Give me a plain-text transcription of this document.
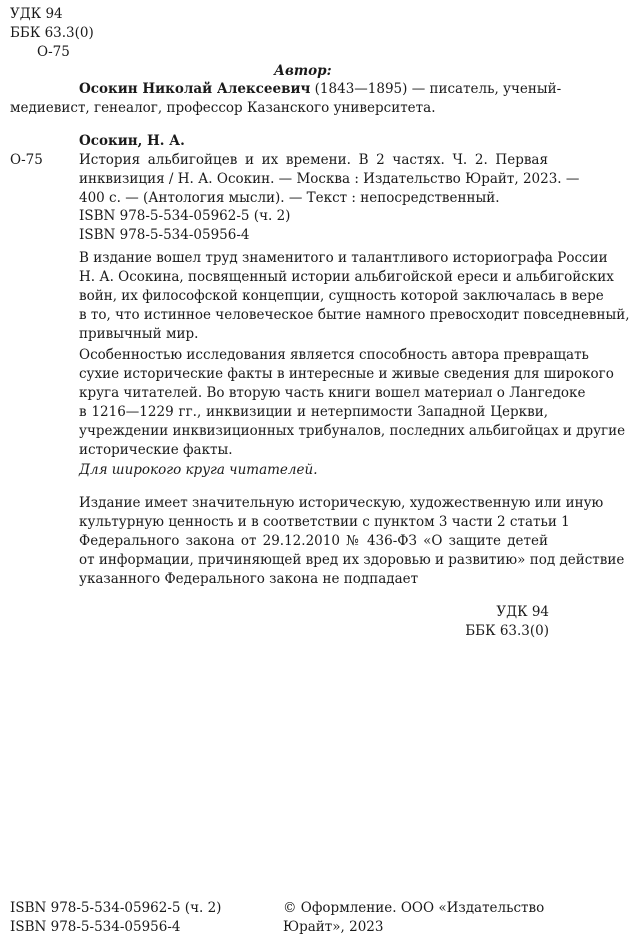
УДК 94
ББК 63.3(0)
О-75
Автор:
Осокин Николай Алексеевич (1843—1895) — писатель, ученый-
медиевист, генеалог, профессор Казанского университета.
Осокин, Н. А.
О-75	История альбигойцев и их времени. В 2 частях. Ч. 2. Первая
инквизиция / Н. А. Осокин. — Москва : Издательство Юрайт, 2023. —
400 с. — (Антология мысли). — Текст : непосредственный.
ISBN 978-5-534-05962-5 (ч. 2)
ISBN 978-5-534-05956-4
В издание вошел труд знаменитого и талантливого историографа России
Н. А. Осокина, посвященный истории альбигойской ереси и альбигойских
войн, их философской концепции, сущность которой заключалась в вере
в то, что истинное человеческое бытие намного превосходит повседневный,
привычный мир.
Особенностью исследования является способность автора превращать
сухие исторические факты в интересные и живые сведения для широкого
круга читателей. Во вторую часть книги вошел материал о Лангедоке
в 1216—1229 гг., инквизиции и нетерпимости Западной Церкви,
учреждении инквизиционных трибуналов, последних альбигойцах и другие
исторические факты.
Для широкого круга читателей.
Издание имеет значительную историческую, художественную или иную
культурную ценность и в соответствии с пунктом 3 части 2 статьи 1
Федерального закона от 29.12.2010 № 436-ФЗ «О защите детей
от информации, причиняющей вред их здоровью и развитию» под действие
указанного Федерального закона не подпадает
УДК 94
ББК 63.3(0)
ISBN 978-5-534-05962-5 (ч. 2)
ISBN 978-5-534-05956-4
© Оформление. ООО «Издательство
Юрайт», 2023
